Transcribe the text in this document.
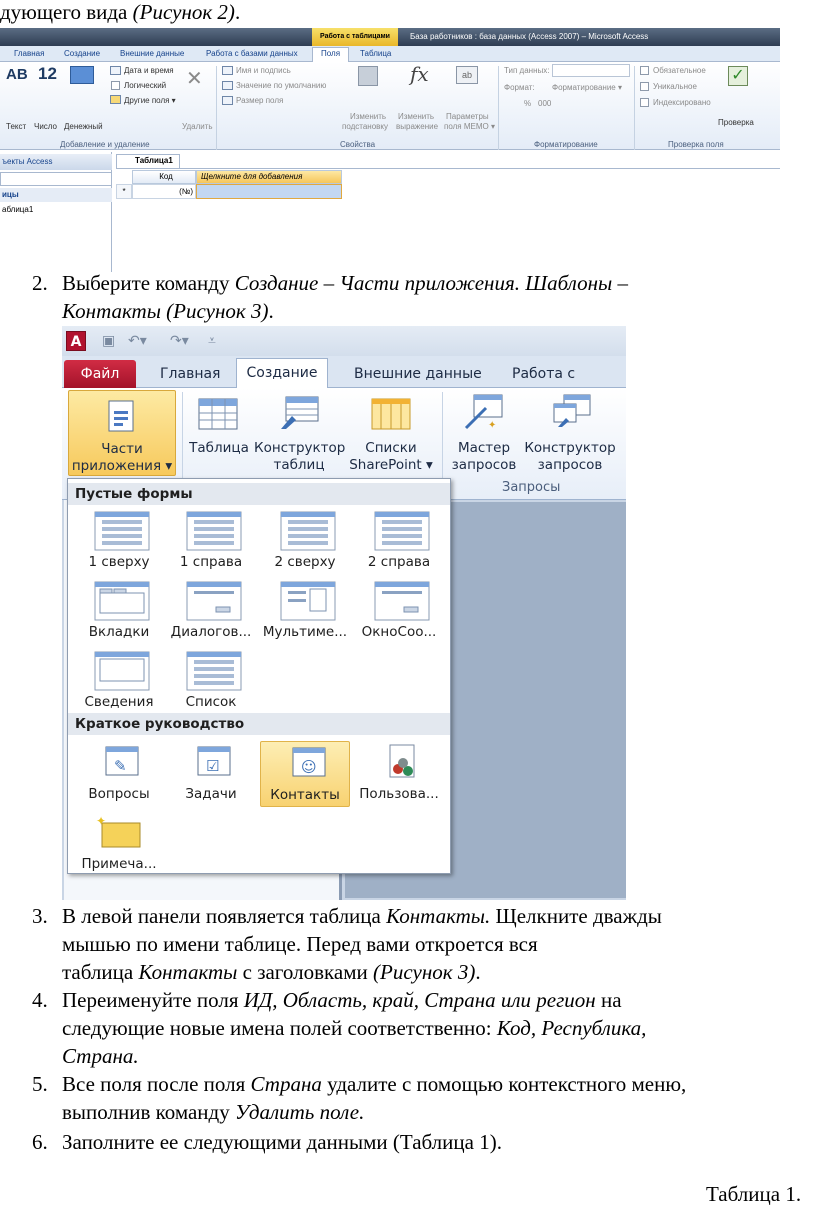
дующего вида (Рисунок 2).
Работа с таблицами	База работников : база данных (Access 2007) – Microsoft Access
Главная Создание Внешние данные	Работа с базами данных	Поля	Таблица
AB 12
Текст Число Денежный
Дата и время
Логический
Другие поля ▾
✕
Удалить
Добавление и удаление
Имя и подпись
Значение по умолчанию
Размер поля
Изменить
подстановку
fx
Изменить
выражение
ab
Параметры
поля MEMO ▾
Свойства
Тип данных:
Формат: Форматирование ▾
% 000
Форматирование
Обязательное
Уникальное
Индексировано
✓
Проверка
Проверка поля
ъекты Access
ицы
аблица1
Таблица1
Код	Щелкните для добавления
*	(№)
2. Выберите команду Создание – Части приложения. Шаблоны –
Контакты (Рисунок 3).
A	▣ ↶▾ ↷▾ ⩡
Файл	Главная	Создание	Внешние данные Работа с
Части
приложения ▾
Таблица Конструктор
таблиц
Списки
SharePoint ▾
✦
Мастер
запросов
Конструктор
запросов
Запросы
Пустые формы
Краткое руководство
1 сверху	1 справа	2 сверху	2 справа
Вкладки	Диалогов... Мультиме...	ОкноСоо...
Сведения	Список
✎
Вопросы
☑
Задачи
☺
Контакты	Пользова...
✦
Примеча...
3. В левой панели появляется таблица Контакты. Щелкните дважды
мышью по имени таблице. Перед вами откроется вся
таблица Контакты с заголовками (Рисунок 3).
4. Переименуйте поля ИД, Область, край, Страна или регион на
следующие новые имена полей соответственно: Код, Республика,
Страна.
5. Все поля после поля Страна удалите с помощью контекстного меню,
выполнив команду Удалить поле.
6. Заполните ее следующими данными (Таблица 1).
Таблица 1.
